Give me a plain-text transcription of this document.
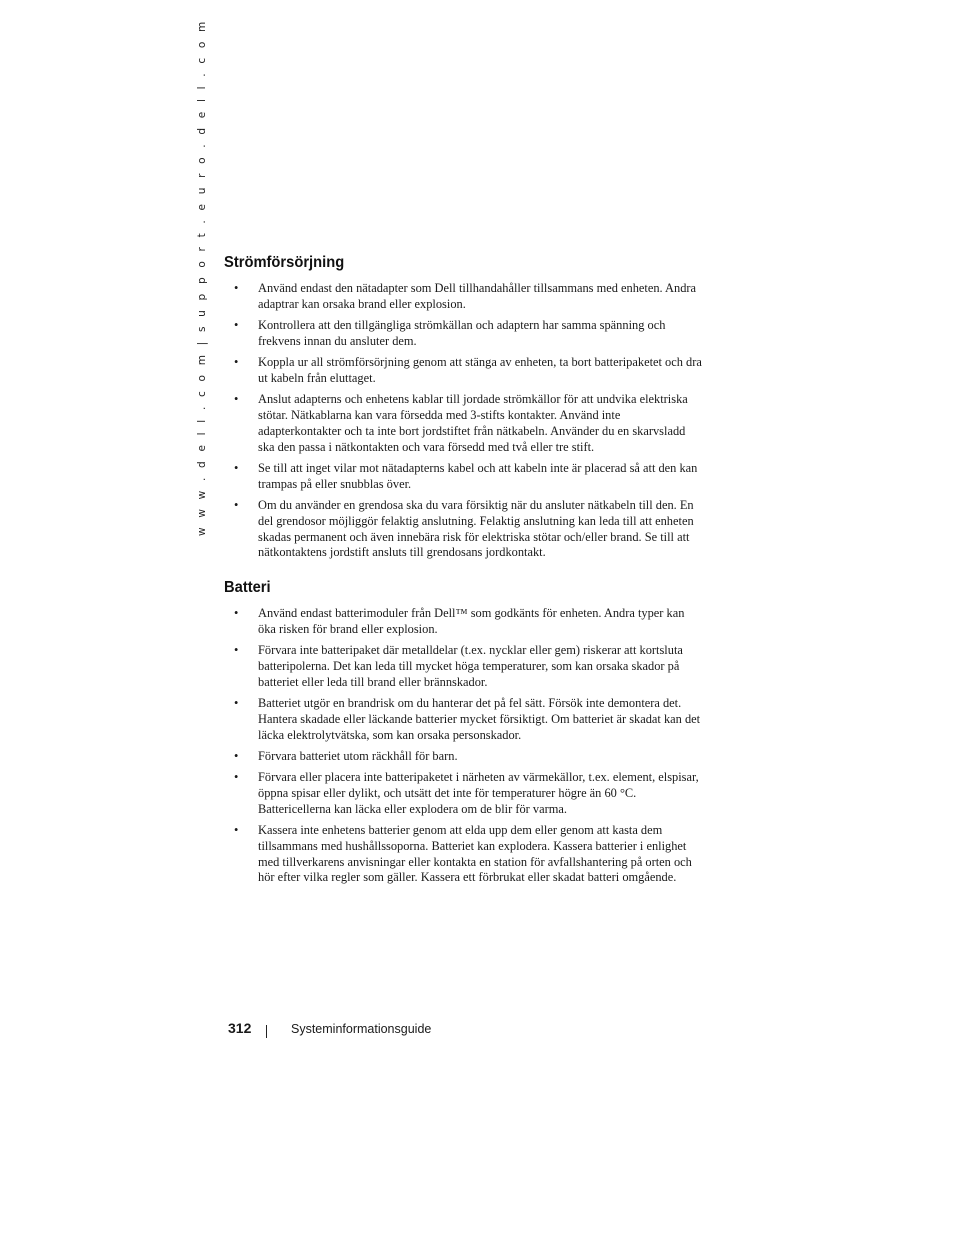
w w w . d e l l . c o m | s u p p o r t . e u r o . d e l l . c o m	Strömförsörjning
• Använd endast den nätadapter som Dell tillhandahåller tillsammans med enheten. Andra adaptrar kan orsaka brand eller explosion.
• Kontrollera att den tillgängliga strömkällan och adaptern har samma spänning och frekvens innan du ansluter dem.
• Koppla ur all strömförsörjning genom att stänga av enheten, ta bort batteripaketet och dra ut kabeln från eluttaget.
• Anslut adapterns och enhetens kablar till jordade strömkällor för att undvika elektriska stötar. Nätkablarna kan vara försedda med 3-stifts kontakter. Använd inte adapterkontakter och ta inte bort jordstiftet från nätkabeln. Använder du en skarvsladd ska den passa i nätkontakten och vara försedd med två eller tre stift.
• Se till att inget vilar mot nätadapterns kabel och att kabeln inte är placerad så att den kan trampas på eller snubblas över.
• Om du använder en grendosa ska du vara försiktig när du ansluter nätkabeln till den. En del grendosor möjliggör felaktig anslutning. Felaktig anslutning kan leda till att enheten skadas permanent och även innebära risk för elektriska stötar och/eller brand. Se till att nätkontaktens jordstift ansluts till grendosans jordkontakt.
Batteri
• Använd endast batterimoduler från Dell™ som godkänts för enheten. Andra typer kan öka risken för brand eller explosion.
• Förvara inte batteripaket där metalldelar (t.ex. nycklar eller gem) riskerar att kortsluta batteripolerna. Det kan leda till mycket höga temperaturer, som kan orsaka skador på batteriet eller leda till brand eller brännskador.
• Batteriet utgör en brandrisk om du hanterar det på fel sätt. Försök inte demontera det. Hantera skadade eller läckande batterier mycket försiktigt. Om batteriet är skadat kan det läcka elektrolytvätska, som kan orsaka personskador.
• Förvara batteriet utom räckhåll för barn.
• Förvara eller placera inte batteripaketet i närheten av värmekällor, t.ex. element, elspisar, öppna spisar eller dylikt, och utsätt det inte för temperaturer högre än 60 °C. Battericellerna kan läcka eller explodera om de blir för varma.
• Kassera inte enhetens batterier genom att elda upp dem eller genom att kasta dem tillsammans med hushållssoporna. Batteriet kan explodera. Kassera batterier i enlighet med tillverkarens anvisningar eller kontakta en station för avfallshantering på orten och hör efter vilka regler som gäller. Kassera ett förbrukat eller skadat batteri omgående.
312	Systeminformationsguide
